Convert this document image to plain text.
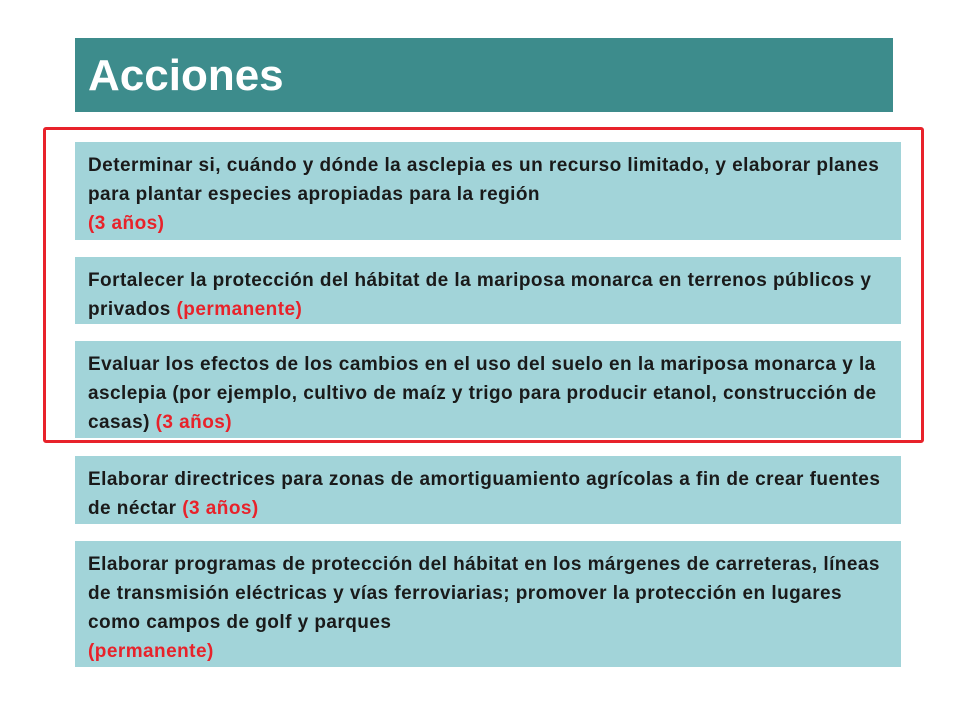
Acciones
Determinar si, cuándo y dónde la asclepia es un recurso limitado, y elaborar planes para plantar especies apropiadas para la región
(3 años)
Fortalecer la protección del hábitat de la mariposa monarca en terrenos públicos y privados (permanente)
Evaluar los efectos de los cambios en el uso del suelo en la mariposa monarca y la asclepia (por ejemplo, cultivo de maíz y trigo para producir etanol, construcción de casas) (3 años)
Elaborar directrices para zonas de amortiguamiento agrícolas a fin de crear fuentes de néctar (3 años)
Elaborar programas de protección del hábitat en los márgenes de carreteras, líneas de transmisión eléctricas y vías ferroviarias; promover la protección en lugares como campos de golf y parques
(permanente)
